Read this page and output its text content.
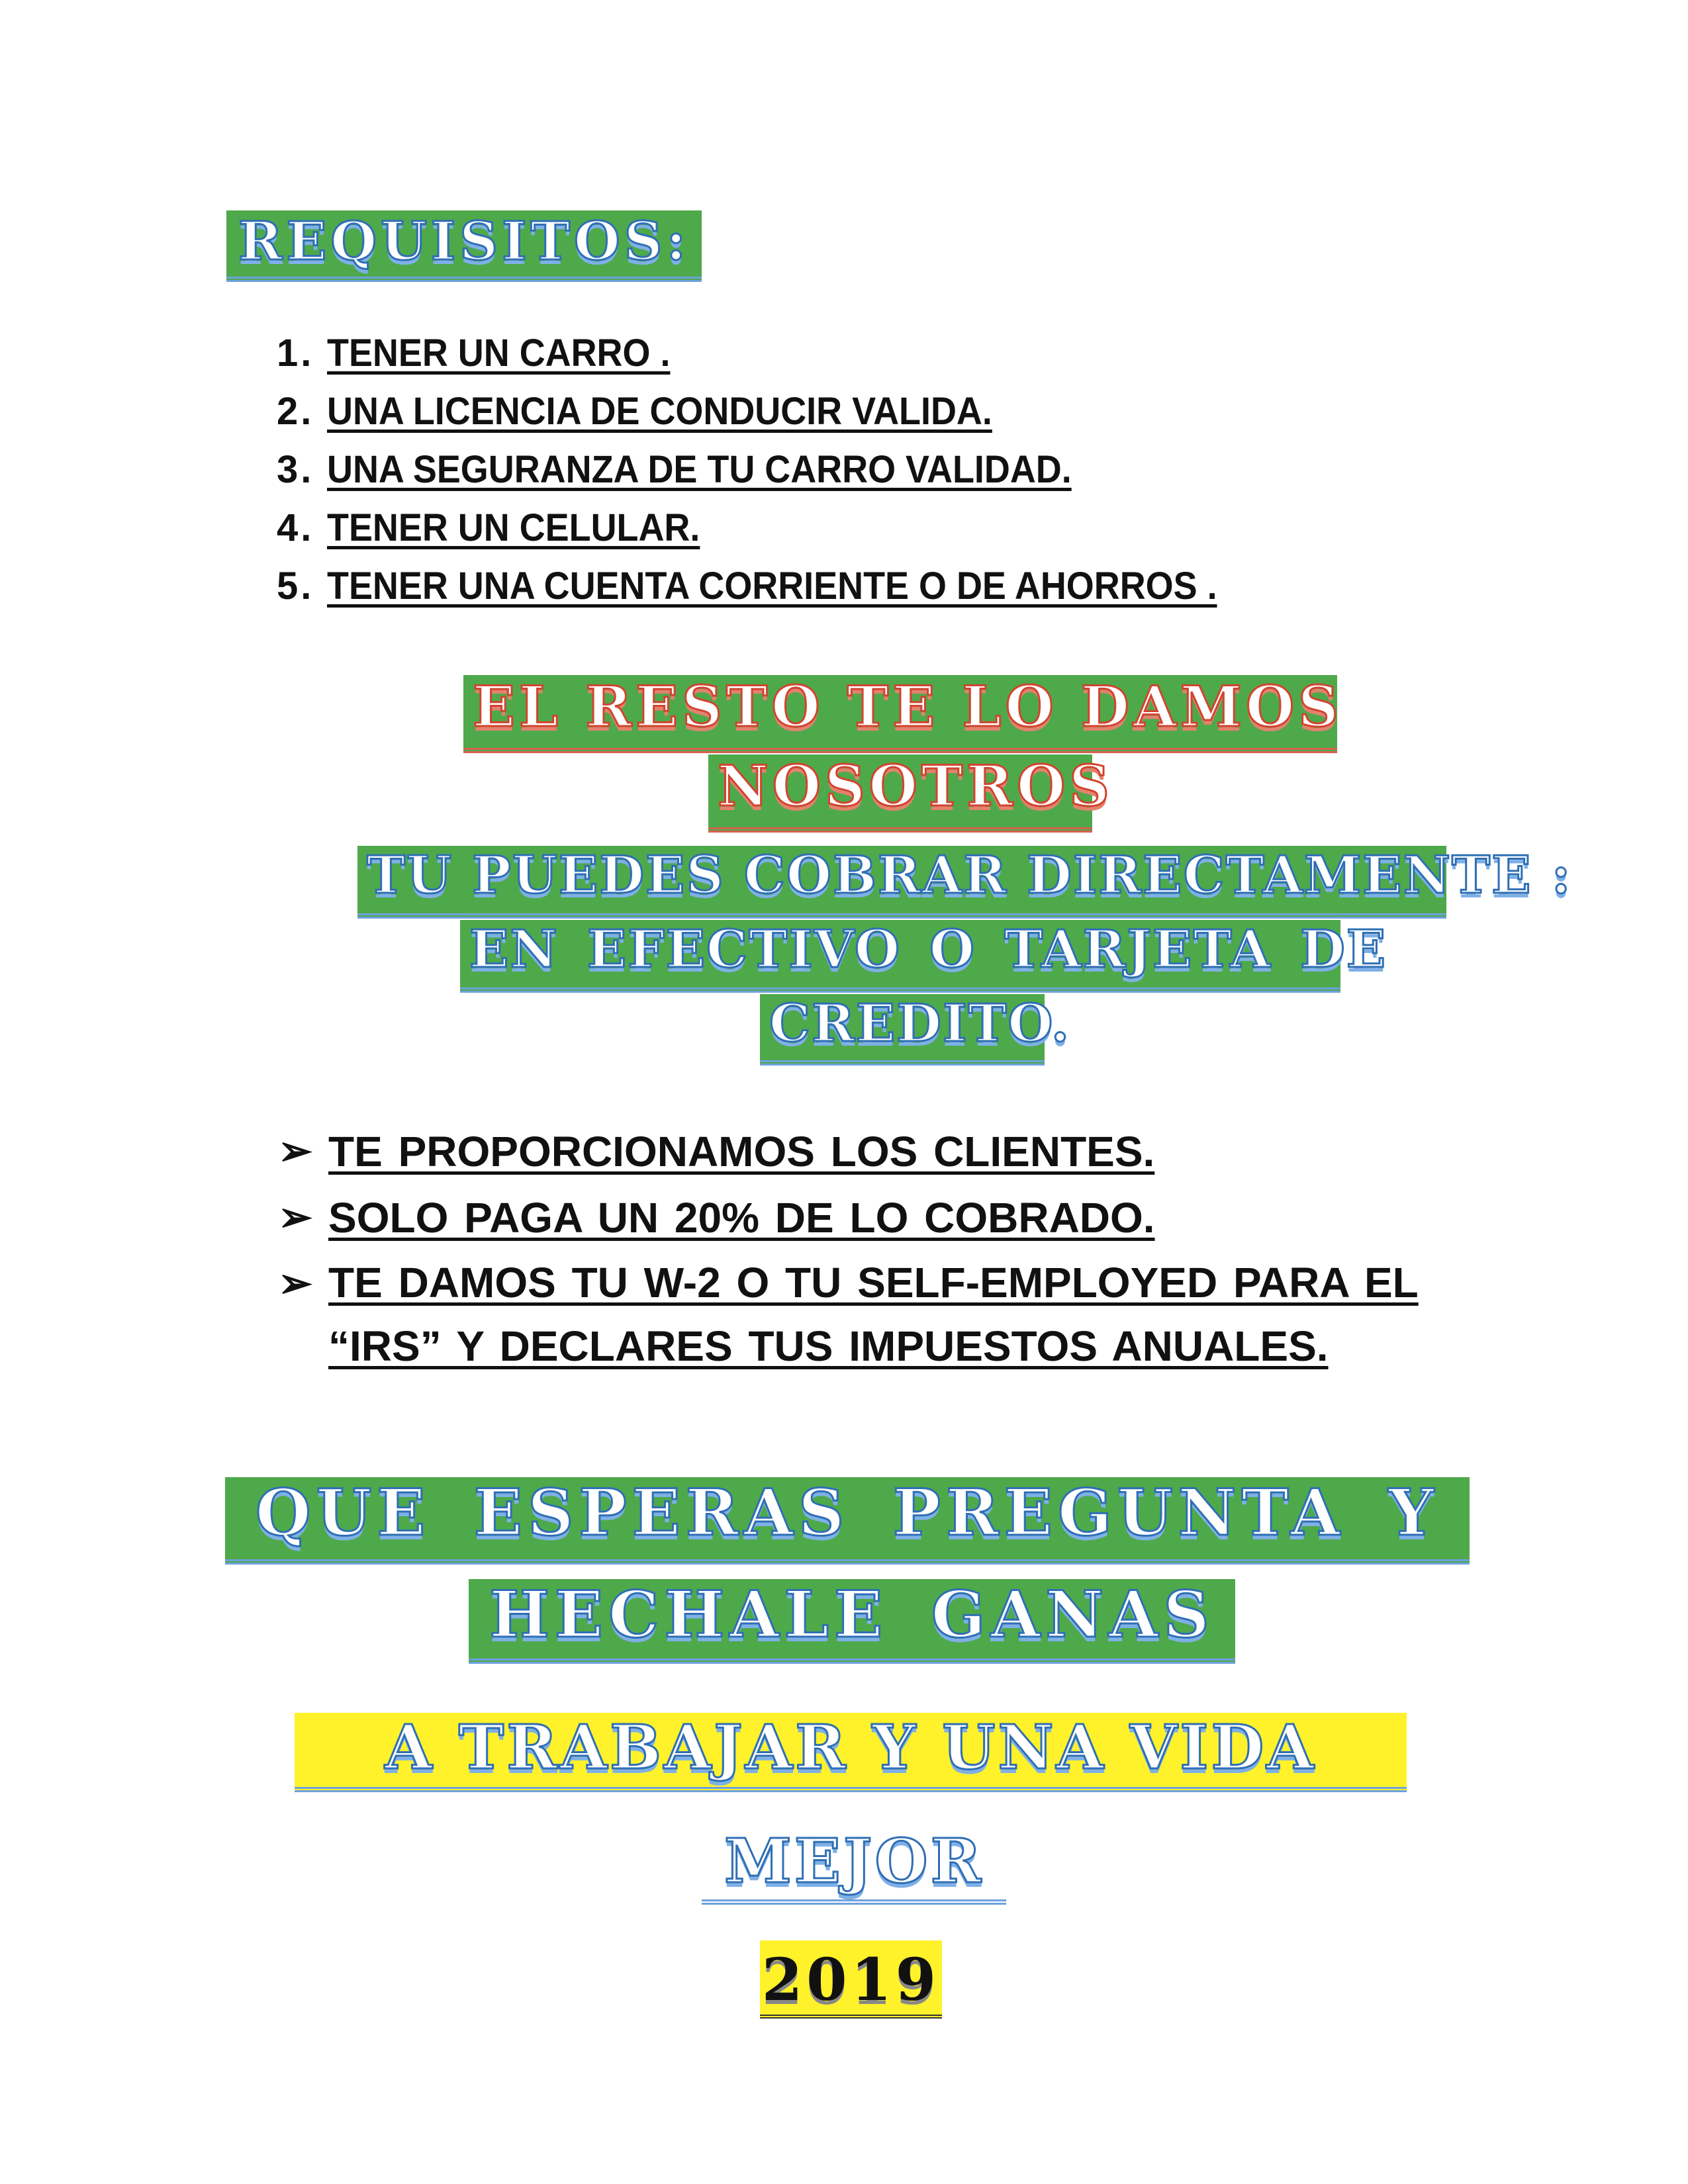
REQUISITOS:
1. TENER UN CARRO .
2. UNA LICENCIA DE CONDUCIR VALIDA.
3. UNA SEGURANZA DE TU CARRO VALIDAD.
4. TENER UN CELULAR.
5. TENER UNA CUENTA CORRIENTE O DE AHORROS .
EL RESTO TE LO DAMOS
NOSOTROS
TU PUEDES COBRAR DIRECTAMENTE :
EN EFECTIVO O TARJETA DE
CREDITO.
➢ TE PROPORCIONAMOS LOS CLIENTES.
➢ SOLO PAGA UN 20% DE LO COBRADO.
➢ TE DAMOS TU W-2 O TU SELF-EMPLOYED PARA EL “IRS” Y DECLARES TUS IMPUESTOS ANUALES.
QUE ESPERAS PREGUNTA Y
HECHALE GANAS
A TRABAJAR Y UNA VIDA
MEJOR
2019
